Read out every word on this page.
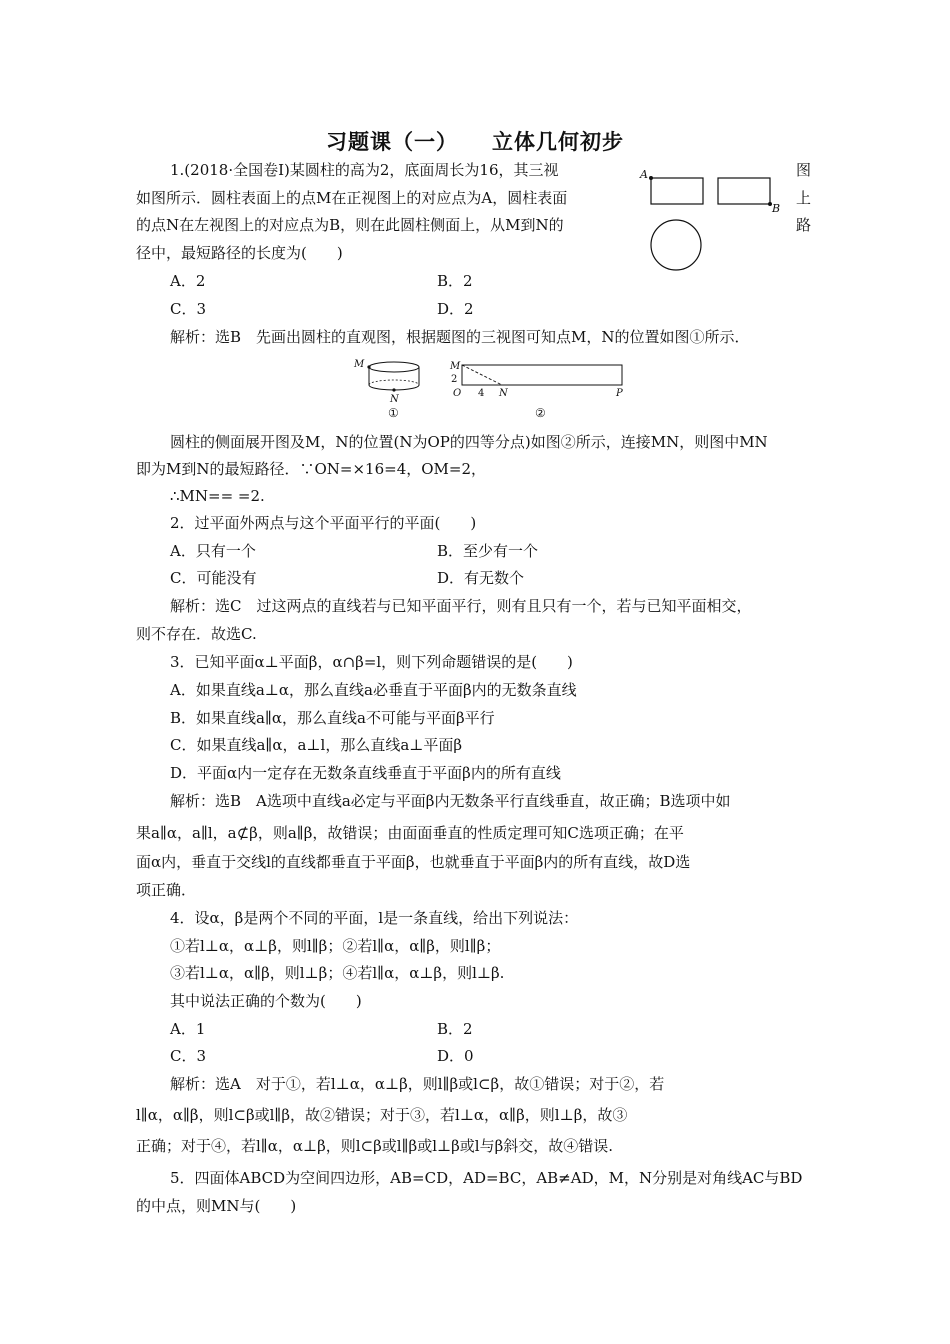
习题课（一） 立体几何初步
1.(2018·全国卷Ⅰ)某圆柱的高为2，底面周长为16，其三视
如图所示．圆柱表面上的点M在正视图上的对应点为A，圆柱表面
的点N在左视图上的对应点为B，则在此圆柱侧面上，从M到N的
径中，最短路径的长度为(　　)
图
上
路
A
B
A．2	B．2
C．3	D．2
解析：选B　先画出圆柱的直观图，根据题图的三视图可知点M，N的位置如图①所示．
M
N
①
M
2
O 4 N	P
②
圆柱的侧面展开图及M，N的位置(N为OP的四等分点)如图②所示，连接MN，则图中MN
即为M到N的最短路径．∵ON=×16=4，OM=2，
∴MN== =2.
2．过平面外两点与这个平面平行的平面(　　)
A．只有一个	B．至少有一个
C．可能没有	D．有无数个
解析：选C　过这两点的直线若与已知平面平行，则有且只有一个，若与已知平面相交，
则不存在．故选C.
3．已知平面α⊥平面β，α∩β=l，则下列命题错误的是(　　)
A．如果直线a⊥α，那么直线a必垂直于平面β内的无数条直线
B．如果直线a∥α，那么直线a不可能与平面β平行
C．如果直线a∥α，a⊥l，那么直线a⊥平面β
D．平面α内一定存在无数条直线垂直于平面β内的所有直线
解析：选B　A选项中直线a必定与平面β内无数条平行直线垂直，故正确；B选项中如
果a∥α，a∥l，a⊄β，则a∥β，故错误；由面面垂直的性质定理可知C选项正确；在平
面α内，垂直于交线l的直线都垂直于平面β，也就垂直于平面β内的所有直线，故D选
项正确．
4．设α，β是两个不同的平面，l是一条直线，给出下列说法：
①若l⊥α，α⊥β，则l∥β；②若l∥α，α∥β，则l∥β；
③若l⊥α，α∥β，则l⊥β；④若l∥α，α⊥β，则l⊥β.
其中说法正确的个数为(　　)
A．1	B．2
C．3	D．0
解析：选A　对于①，若l⊥α，α⊥β，则l∥β或l⊂β，故①错误；对于②，若
l∥α，α∥β，则l⊂β或l∥β，故②错误；对于③，若l⊥α，α∥β，则l⊥β，故③
正确；对于④，若l∥α，α⊥β，则l⊂β或l∥β或l⊥β或l与β斜交，故④错误.
5．四面体ABCD为空间四边形，AB=CD，AD=BC，AB≠AD，M，N分别是对角线AC与BD
的中点，则MN与(　　)
